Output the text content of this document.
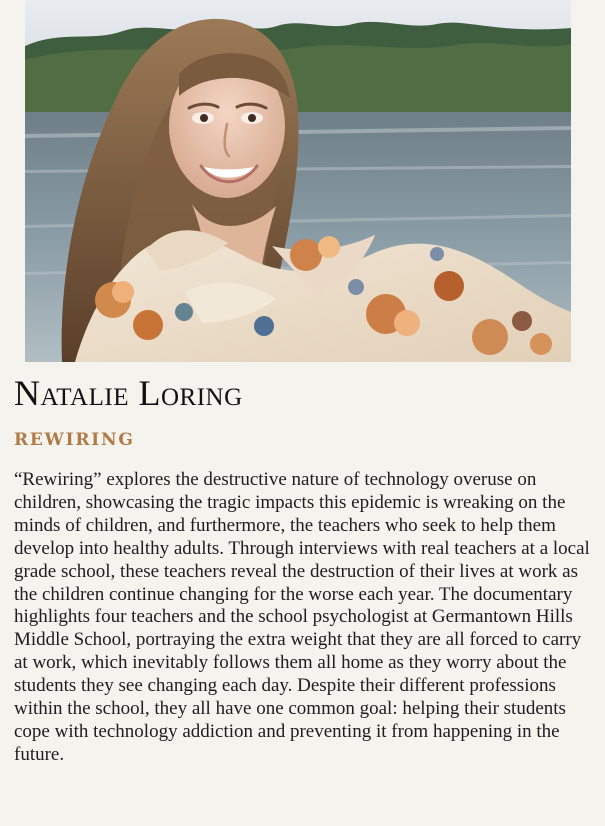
Natalie Loring
REWIRING

“Rewiring” explores the destructive nature of technology overuse on children, showcasing the tragic impacts this epidemic is wreaking on the minds of children, and furthermore, the teachers who seek to help them develop into healthy adults. Through interviews with real teachers at a local grade school, these teachers reveal the destruction of their lives at work as the children continue changing for the worse each year. The documentary highlights four teachers and the school psychologist at Germantown Hills Middle School, portraying the extra weight that they are all forced to carry at work, which inevitably follows them all home as they worry about the students they see changing each day. Despite their different professions within the school, they all have one common goal: helping their students cope with technology addiction and preventing it from happening in the future.
